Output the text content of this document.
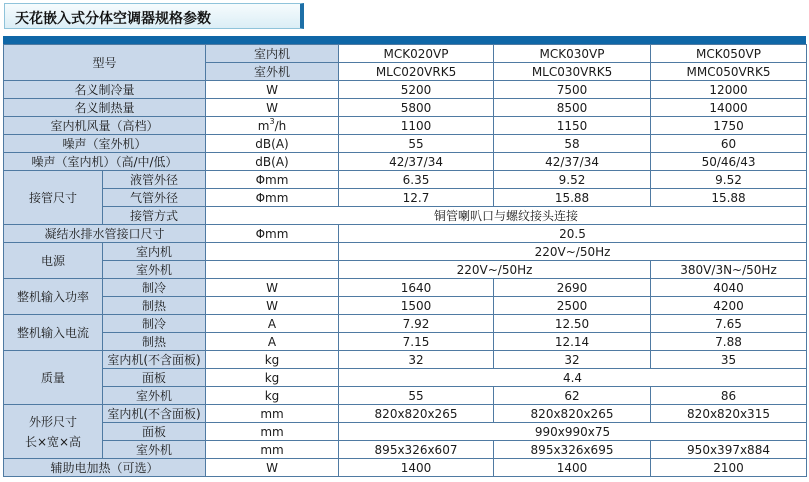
天花嵌入式分体空调器规格参数
型号		室内机	MCK020VP	MCK030VP	MCK050VP
		室外机	MLC020VRK5	MLC030VRK5	MMC050VRK5
名义制冷量		W	5200	7500	12000
名义制热量		W	5800	8500	14000
室内机风量（高档）		$m^3/h$	1100	1150	1750
噪声（室外机）		dB(A)	55	58	60
噪声（室内机）（高/中/低）		dB(A)	42/37/34	42/37/34	50/46/43
接管尺寸	液管外径	Φmm	6.35	9.52	9.52
	气管外径	Φmm	12.7	15.88	15.88
	接管方式	铜管喇叭口与螺纹接头连接			
凝结水排水管接口尺寸		Φmm	20.5		
电源	室内机		220V~/50Hz		
	室外机		220V~/50Hz		380V/3N~/50Hz
整机输入功率	制冷	W	1640	2690	4040
	制热	W	1500	2500	4200
整机输入电流	制冷	A	7.92	12.50	7.65
	制热	A	7.15	12.14	7.88
质量	室内机(不含面板)	kg	32	32	35
	面板	kg	4.4		
	室外机	kg	55	62	86
外形尺寸
长×宽×高	室内机(不含面板)	mm	820x820x265	820x820x265	820x820x315
	面板	mm	990x990x75		
	室外机	mm	895x326x607	895x326x695	950x397x884
辅助电加热（可选）		W	1400	1400	2100
